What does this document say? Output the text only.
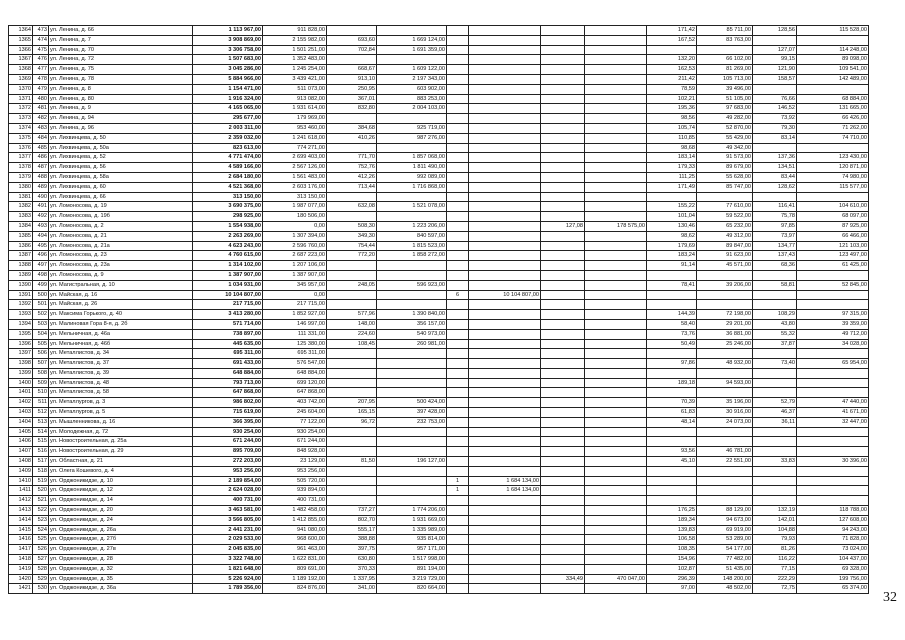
1364	473	ул. Ленина, д. 66	1 113 967,00	911 828,00							171,42	85 711,00	128,56	115 528,00
1365	474	ул. Ленина, д. 7	3 908 869,00	2 155 982,00	693,60	1 669 124,00					167,52	83 763,00		
1366	475	ул. Ленина, д. 70	3 306 758,00	1 501 251,00	702,84	1 691 359,00							127,07	114 248,00
1367	476	ул. Ленина, д. 72	1 507 683,00	1 352 483,00							132,20	66 102,00	99,15	89 098,00
1368	477	ул. Ленина, д. 75	3 045 286,00	1 245 254,00	668,67	1 609 122,00					162,53	81 269,00	121,90	109 541,00
1369	478	ул. Ленина, д. 78	5 884 966,00	3 439 421,00	913,10	2 197 343,00					211,42	105 713,00	158,57	142 489,00
1370	479	ул. Ленина, д. 8	1 154 471,00	511 073,00	250,95	603 902,00					78,59	39 496,00		
1371	480	ул. Ленина, д. 80	1 916 324,00	913 082,00	367,01	883 253,00					102,21	51 105,00	76,66	68 884,00
1372	481	ул. Ленина, д. 9	4 165 065,00	1 931 614,00	832,80	2 004 103,00					195,36	97 683,00	146,52	131 665,00
1373	482	ул. Ленина, д. 94	295 677,00	179 969,00							98,56	49 282,00	73,92	66 426,00
1374	483	ул. Ленина, д. 96	2 003 311,00	953 460,00	384,68	925 719,00					105,74	52 870,00	79,30	71 262,00
1375	484	ул. Лихвинцева, д. 50	2 359 032,00	1 241 618,00	410,26	987 276,00					110,85	55 429,00	83,14	74 710,00
1376	485	ул. Лихвинцева, д. 50а	823 613,00	774 271,00							98,68	49 342,00		
1377	486	ул. Лихвинцева, д. 52	4 771 474,00	2 699 403,00	771,70	1 857 068,00					183,14	91 573,00	137,36	123 430,00
1378	487	ул. Лихвинцева, д. 56	4 589 166,00	2 567 126,00	752,76	1 811 490,00					179,33	89 679,00	134,51	120 871,00
1379	488	ул. Лихвинцева, д. 58а	2 684 180,00	1 561 483,00	412,26	992 089,00					111,25	55 628,00	83,44	74 980,00
1380	489	ул. Лихвинцева, д. 60	4 521 368,00	2 603 176,00	713,44	1 716 868,00					171,49	85 747,00	128,62	115 577,00
1381	490	ул. Лихвинцева, д. 66	313 150,00	313 150,00										
1382	491	ул. Ломоносова, д. 19	3 690 375,00	1 987 077,00	632,08	1 521 078,00					155,22	77 610,00	116,41	104 610,00
1383	492	ул. Ломоносова, д. 19б	298 925,00	180 506,00							101,04	59 522,00	75,78	68 097,00
1384	493	ул. Ломоносова, д. 2	1 554 938,00	0,00	508,30	1 223 206,00			127,08	178 575,00	130,46	65 232,00	97,85	87 925,00
1385	494	ул. Ломоносова, д. 21	2 263 269,00	1 307 394,00	349,30	840 597,00					98,62	49 312,00	73,97	66 466,00
1386	495	ул. Ломоносова, д. 21а	4 623 243,00	2 596 760,00	754,44	1 815 523,00					179,69	89 847,00	134,77	121 103,00
1387	496	ул. Ломоносова, д. 23	4 760 615,00	2 687 223,00	772,20	1 858 272,00					183,24	91 623,00	137,43	123 497,00
1388	497	ул. Ломоносова, д. 23а	1 314 102,00	1 207 106,00							91,14	45 571,00	68,36	61 425,00
1389	498	ул. Ломоносова, д. 9	1 387 907,00	1 387 907,00										
1390	499	ул. Магистральная, д. 10	1 034 931,00	345 957,00	248,05	596 923,00					78,41	39 206,00	58,81	52 845,00
1391	500	ул. Майская, д. 16	10 104 807,00	0,00			6	10 104 807,00						
1392	501	ул. Майская, д. 26	217 715,00	217 715,00										
1393	502	ул. Максима Горького, д. 40	3 413 280,00	1 852 927,00	577,96	1 390 840,00					144,39	72 198,00	108,29	97 315,00
1394	503	ул. Малиновая Гора 8-я, д. 2б	571 714,00	146 997,00	148,00	356 157,00					58,40	29 201,00	43,80	39 359,00
1395	504	ул. Мельничная, д. 46а	738 897,00	111 331,00	224,60	540 973,00					73,76	36 881,00	55,32	49 712,00
1396	505	ул. Мельничная, д. 46б	445 635,00	125 380,00	108,45	260 981,00					50,49	25 246,00	37,87	34 028,00
1397	506	ул. Металлистов, д. 34	695 311,00	695 311,00										
1398	507	ул. Металлистов, д. 37	691 433,00	576 547,00							97,86	48 932,00	73,40	65 954,00
1399	508	ул. Металлистов, д. 39	648 884,00	648 884,00										
1400	509	ул. Металлистов, д. 48	793 713,00	699 120,00							189,18	94 593,00		
1401	510	ул. Металлистов, д. 58	647 868,00	647 868,00										
1402	511	ул. Металлургов, д. 3	986 802,00	403 742,00	207,95	500 424,00					70,39	35 196,00	52,79	47 440,00
1403	512	ул. Металлургов, д. 5	715 619,00	245 604,00	165,15	397 428,00					61,83	30 916,00	46,37	41 671,00
1404	513	ул. Мышленникова, д. 16	366 395,00	77 122,00	96,72	232 753,00					48,14	24 073,00	36,11	32 447,00
1405	514	ул. Молодежная, д. 72	930 254,00	930 254,00										
1406	515	ул. Новостроительная, д. 25а	671 244,00	671 244,00										
1407	516	ул. Новостроительная, д. 29	895 709,00	848 928,00							93,56	46 781,00		
1408	517	ул. Областная, д. 21	272 203,00	23 129,00	81,50	196 127,00					45,10	22 551,00	33,83	30 396,00
1409	518	ул. Олега Кошевого, д. 4	953 256,00	953 256,00										
1410	519	ул. Орджоникидзе, д. 10	2 189 854,00	505 720,00			1	1 684 134,00						
1411	520	ул. Орджоникидзе, д. 12	2 624 028,00	939 894,00			1	1 684 134,00						
1412	521	ул. Орджоникидзе, д. 14	400 731,00	400 731,00										
1413	522	ул. Орджоникидзе, д. 20	3 463 581,00	1 482 458,00	737,27	1 774 206,00					176,25	88 129,00	132,19	118 788,00
1414	523	ул. Орджоникидзе, д. 24	3 566 805,00	1 412 855,00	802,70	1 931 669,00					189,34	94 673,00	142,01	127 608,00
1415	524	ул. Орджоникидзе, д. 26а	2 441 231,00	941 080,00	555,17	1 335 989,00					139,83	69 919,00	104,88	94 243,00
1416	525	ул. Орджоникидзе, д. 27б	2 029 533,00	968 600,00	388,88	935 814,00					106,58	53 289,00	79,93	71 828,00
1417	526	ул. Орджоникидзе, д. 27в	2 045 835,00	961 463,00	397,75	957 171,00					108,35	54 177,00	81,26	73 024,00
1418	527	ул. Орджоникидзе, д. 28	3 322 748,00	1 622 831,00	630,80	1 517 998,00					154,96	77 482,00	116,22	104 437,00
1419	528	ул. Орджоникидзе, д. 32	1 821 648,00	809 691,00	370,33	891 194,00					102,87	51 435,00	77,15	69 328,00
1420	529	ул. Орджоникидзе, д. 35	5 226 924,00	1 189 192,00	1 337,95	3 219 729,00			334,49	470 047,00	296,39	148 200,00	222,29	199 756,00
1421	530	ул. Орджоникидзе, д. 36а	1 789 356,00	824 876,00	341,00	820 664,00					97,00	48 502,00	72,75	65 374,00
32
